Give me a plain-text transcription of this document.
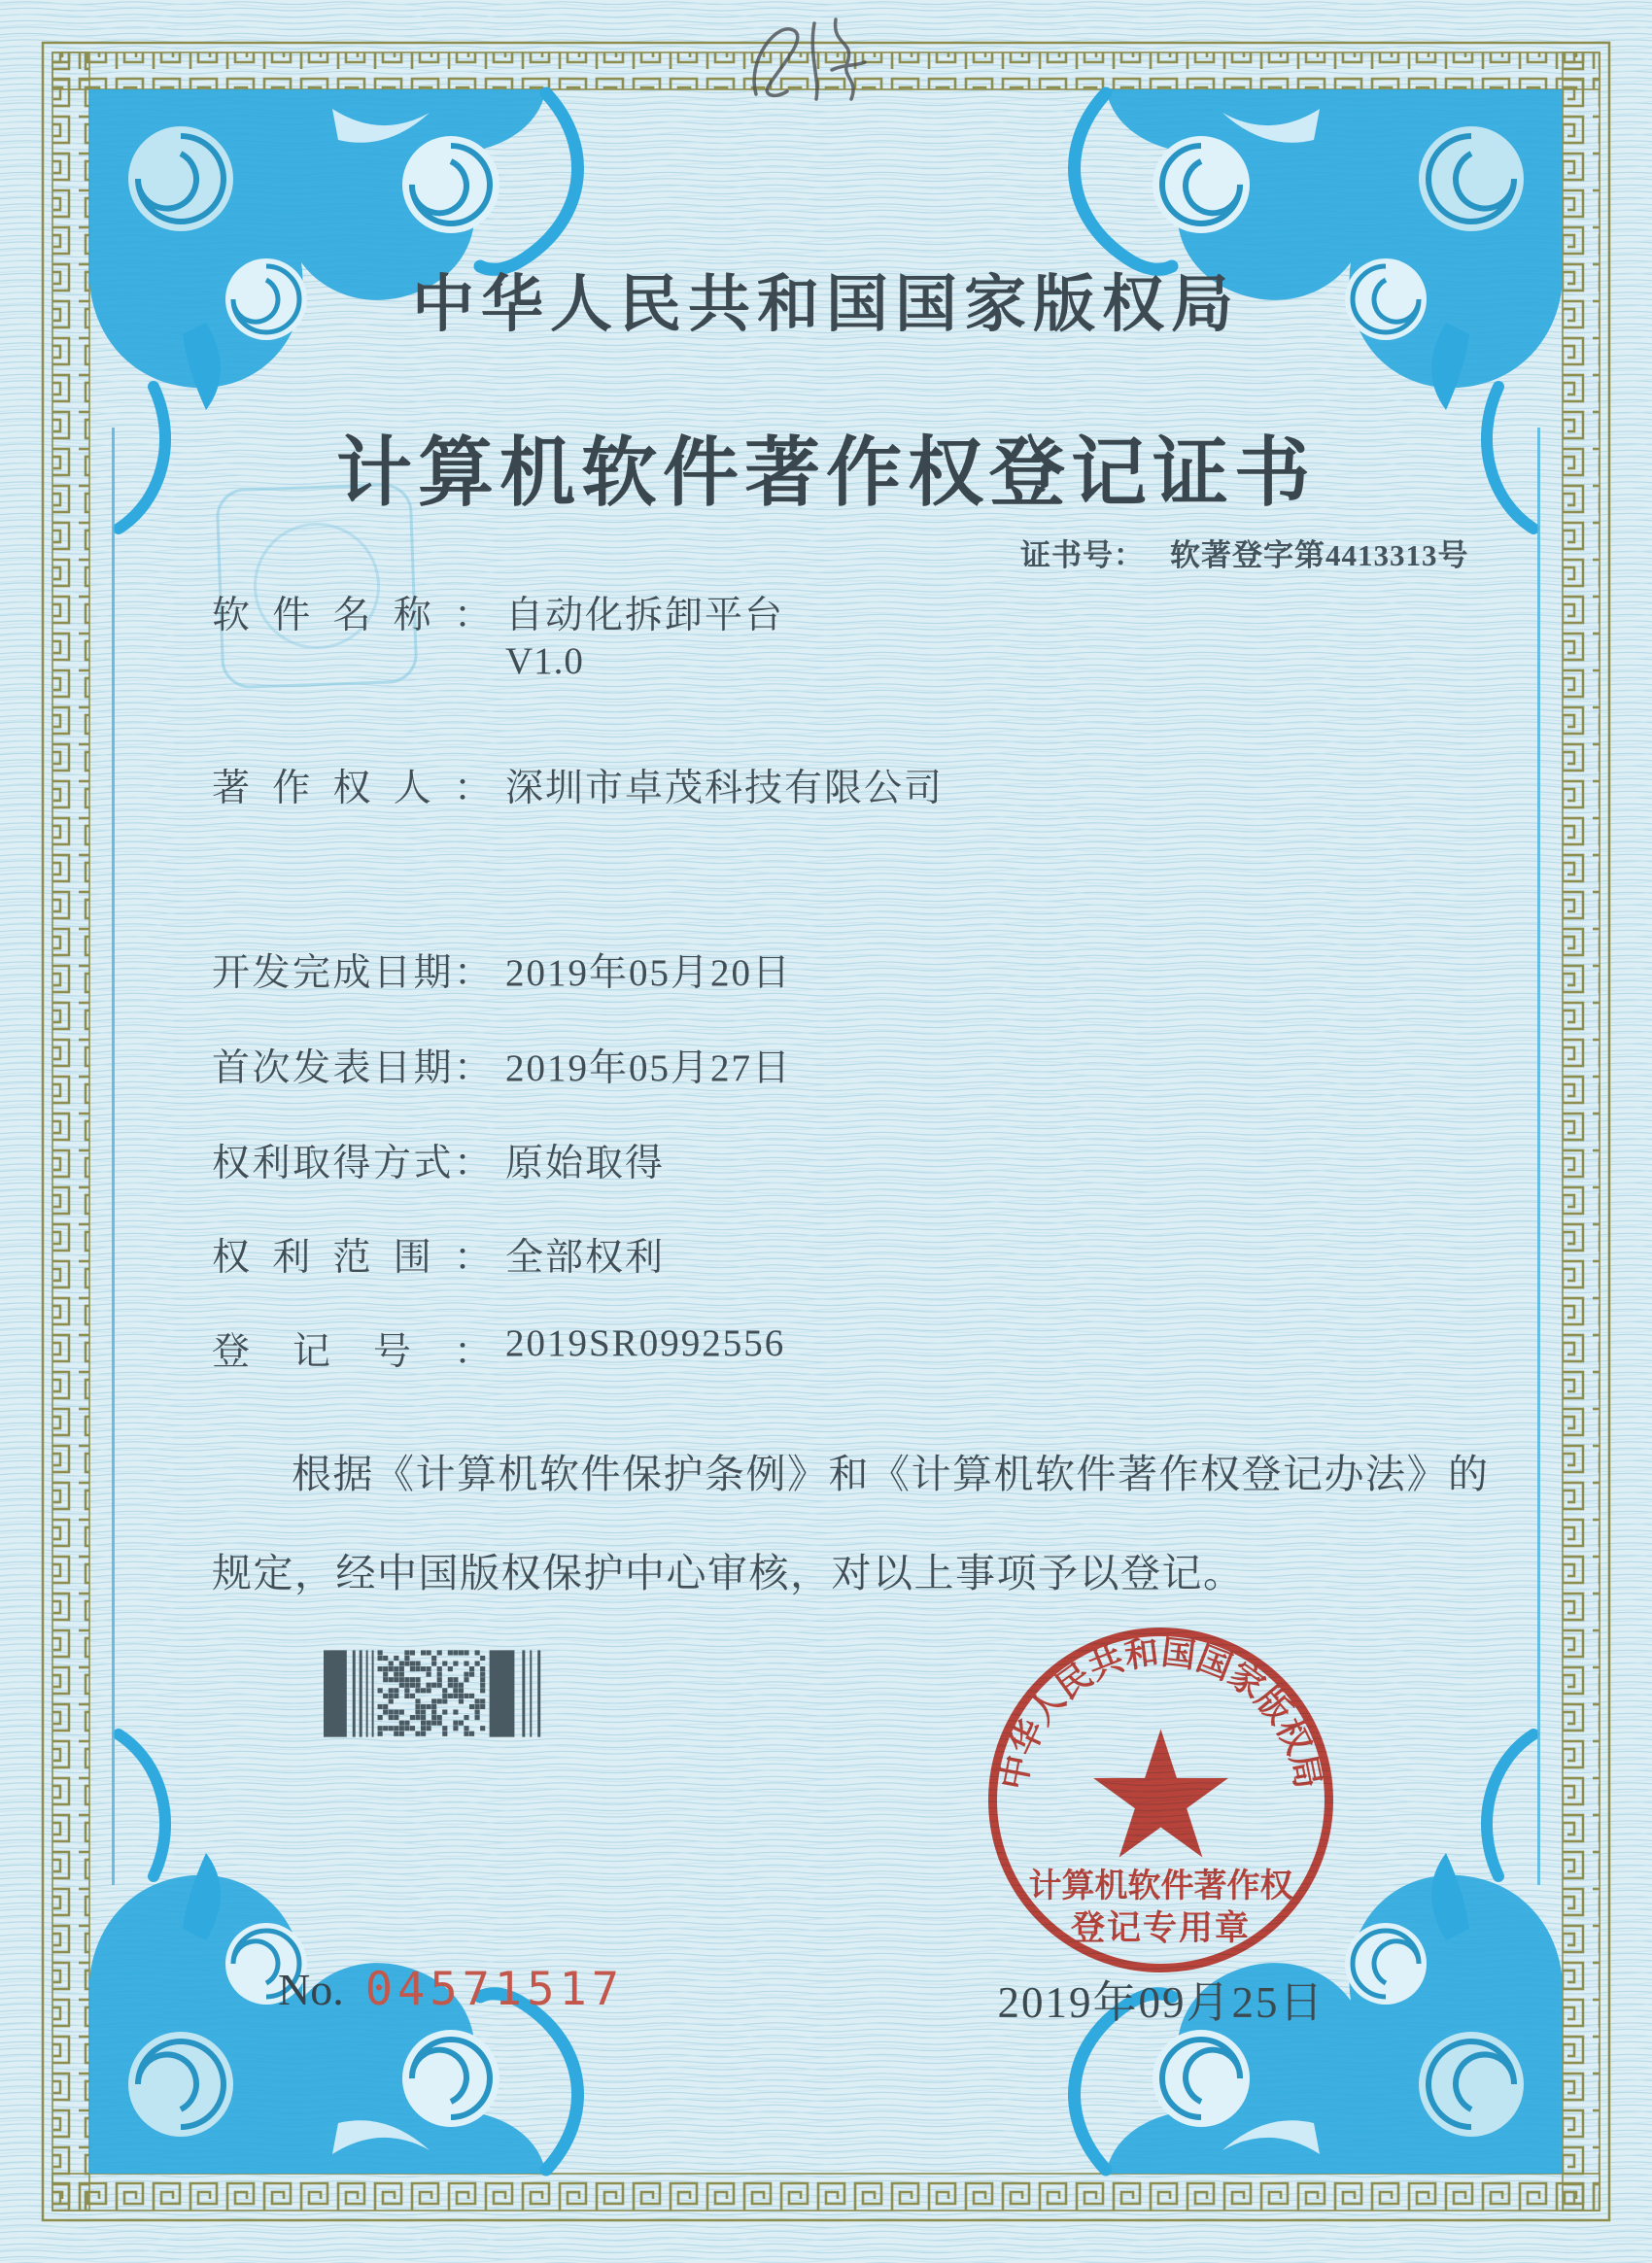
中华人民共和国国家版权局
计算机软件著作权登记证书
证书号： 软著登字第4413313号
软件名称： 自动化拆卸平台
V1.0
著作权人： 深圳市卓茂科技有限公司
开发完成日期： 2019年05月20日
首次发表日期： 2019年05月27日
权利取得方式： 原始取得
权利范围： 全部权利
登记号： 2019SR0992556
根据《计算机软件保护条例》和《计算机软件著作权登记办法》的
规定，经中国版权保护中心审核，对以上事项予以登记。
No. 04571517	2019年09月25日
中华人民共和国国家版权局
计算机软件著作权
登记专用章
